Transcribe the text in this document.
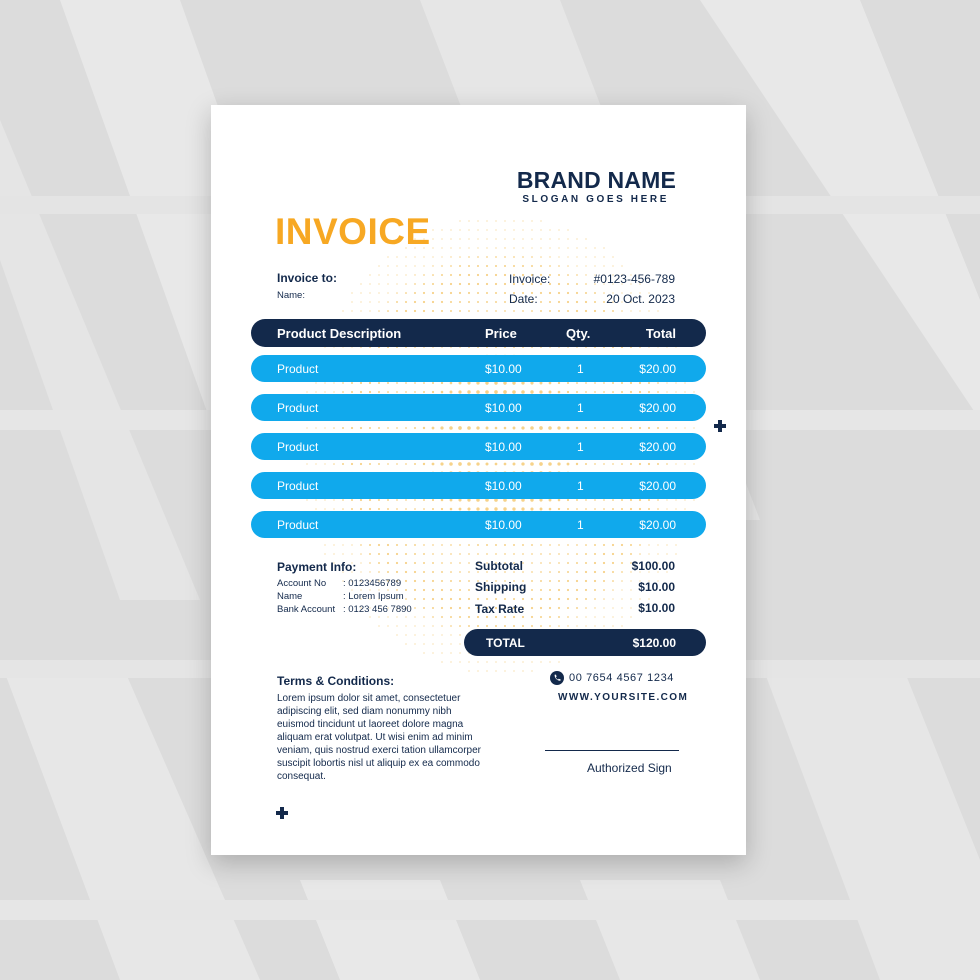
BRAND NAME
SLOGAN GOES HERE
INVOICE
Invoice to:
Name:
Invoice:	#0123-456-789
Date:	20 Oct. 2023
Product Description	Price	Qty.	Total
Product	$10.00	1	$20.00
Product	$10.00	1	$20.00
Product	$10.00	1	$20.00
Product	$10.00	1	$20.00
Product	$10.00	1	$20.00
Payment Info:
Account No : 0123456789
Name	: Lorem Ipsum
Bank Account : 0123 456 7890
Subtotal	$100.00
Shipping	$10.00
Tax Rate	$10.00
TOTAL	$120.00
Terms & Conditions:
Lorem ipsum dolor sit amet, consectetuer adipiscing elit, sed diam nonummy nibh euismod tincidunt ut laoreet dolore magna aliquam erat volutpat. Ut wisi enim ad minim veniam, quis nostrud exerci tation ullamcorper suscipit lobortis nisl ut aliquip ex ea commodo consequat.
00 7654 4567 1234
WWW.YOURSITE.COM
Authorized Sign
